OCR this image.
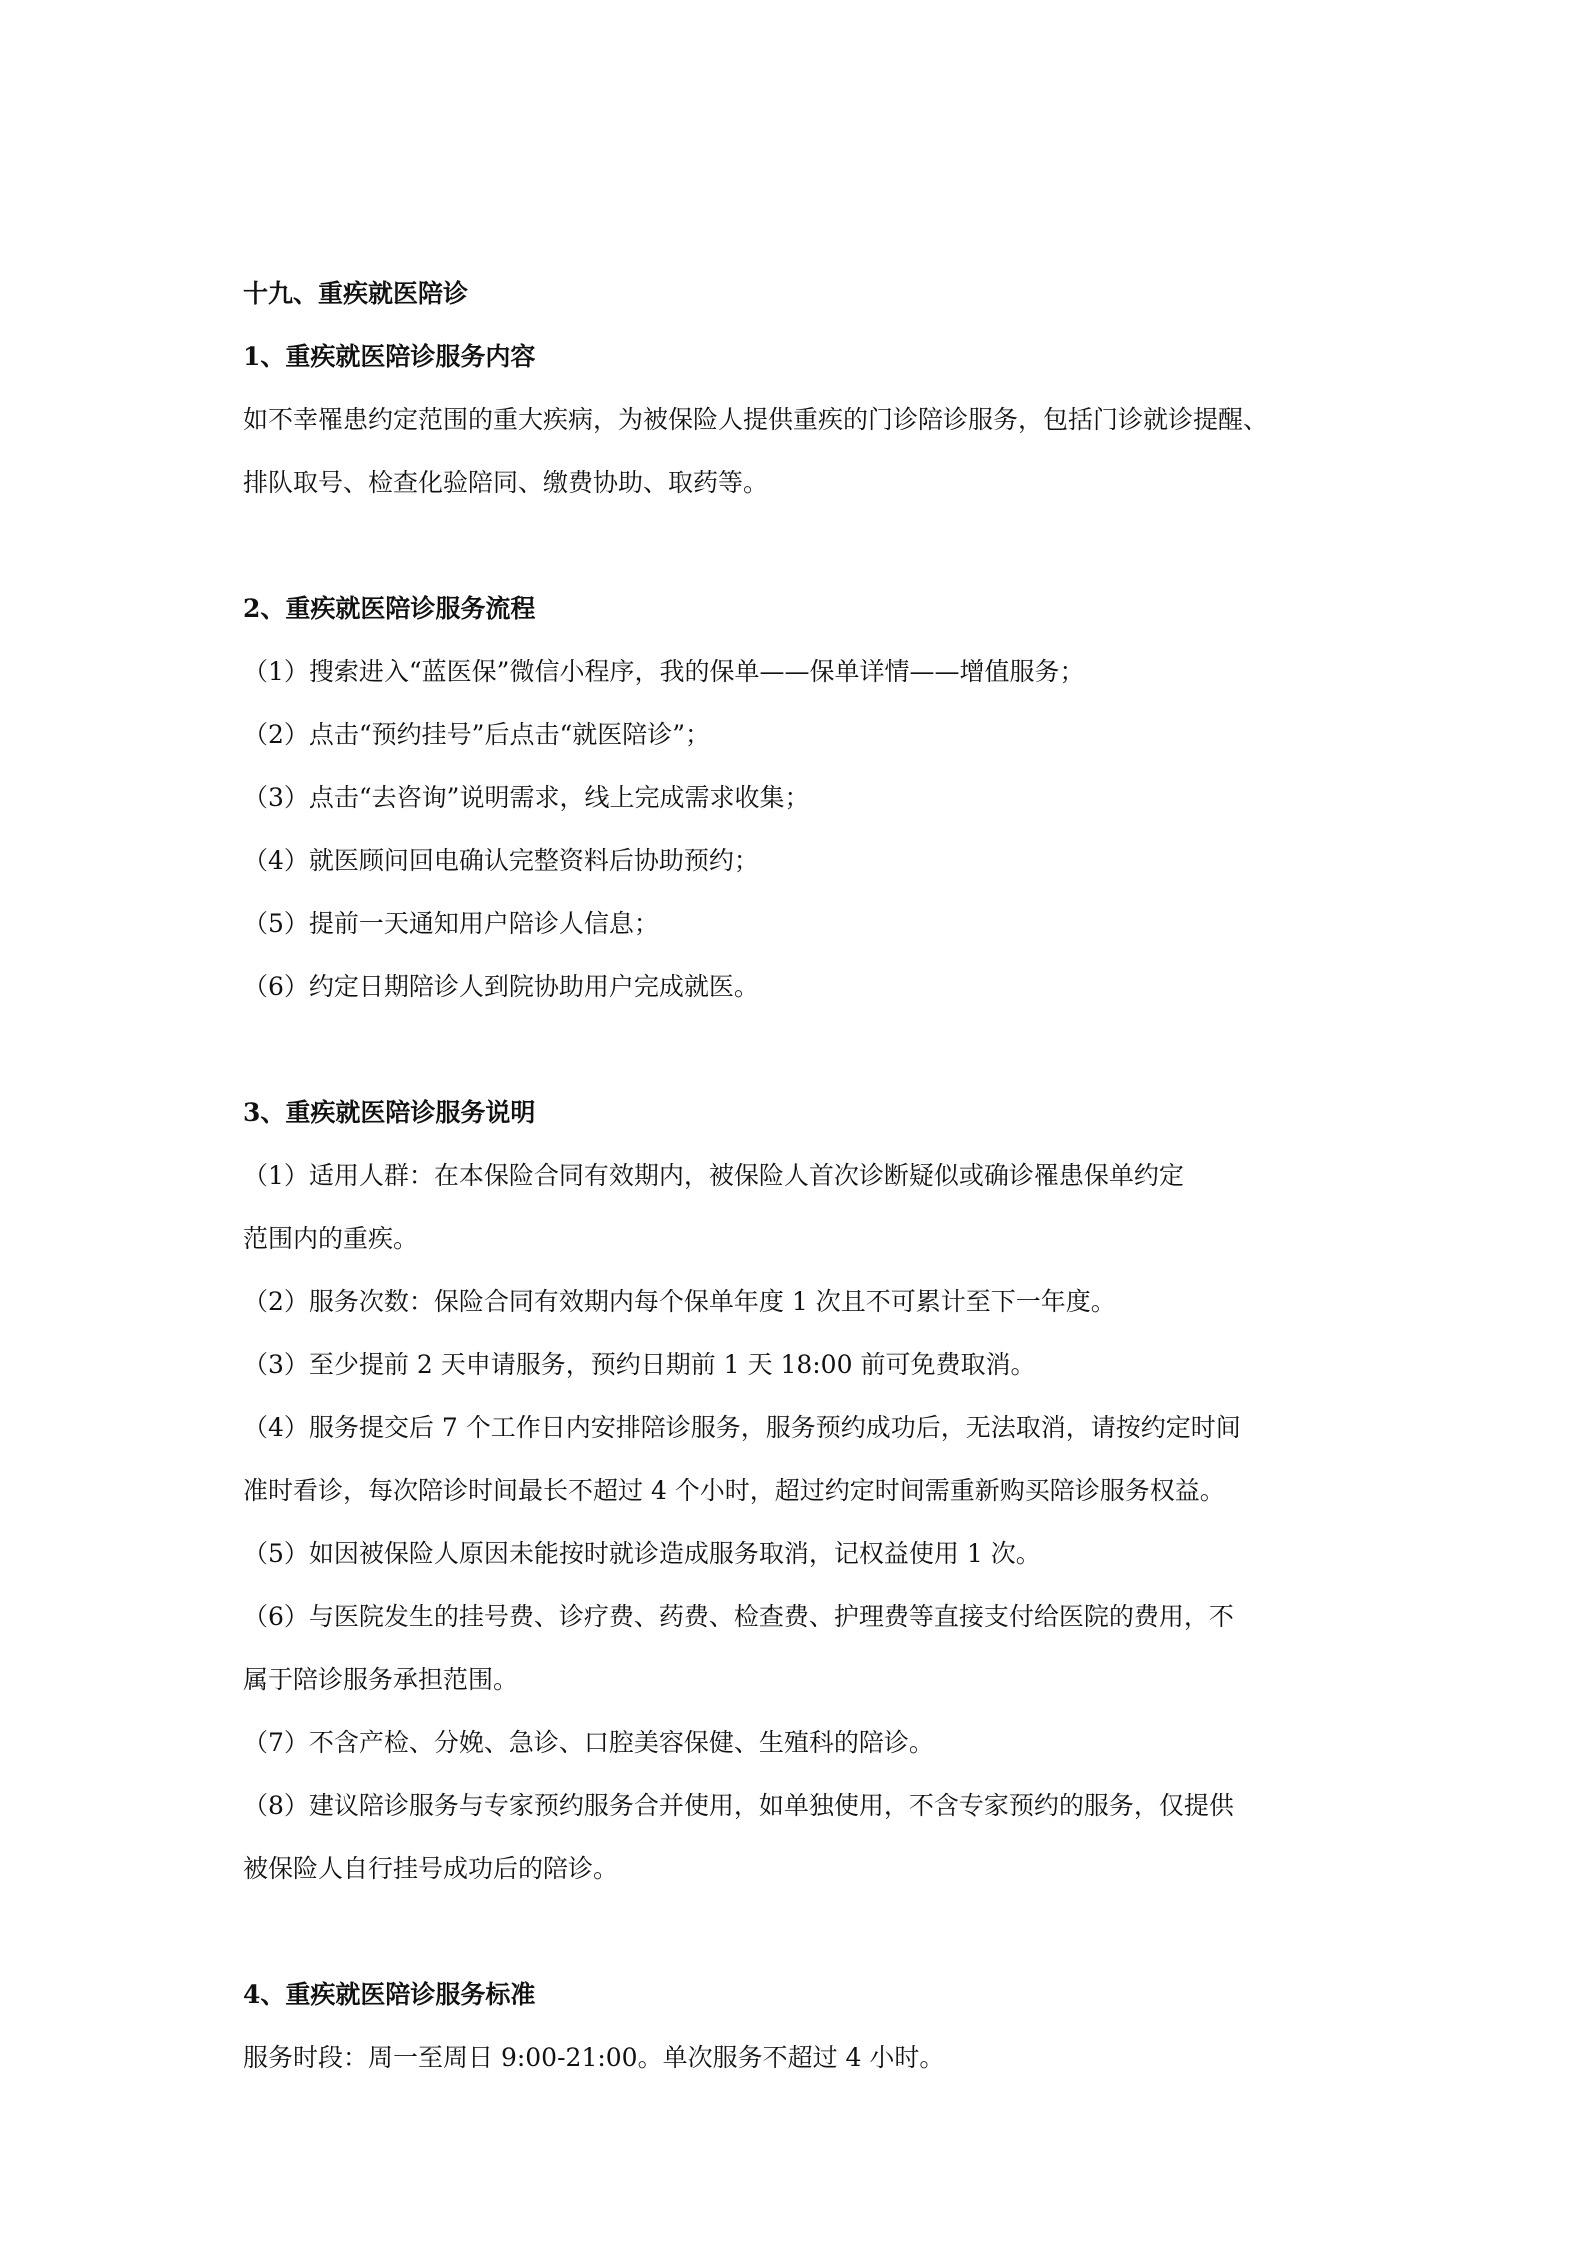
十九、重疾就医陪诊
1、重疾就医陪诊服务内容
如不幸罹患约定范围的重大疾病，为被保险人提供重疾的门诊陪诊服务，包括门诊就诊提醒、
排队取号、检查化验陪同、缴费协助、取药等。
2、重疾就医陪诊服务流程
（1）搜索进入“蓝医保”微信小程序，我的保单——保单详情——增值服务；
（2）点击“预约挂号”后点击“就医陪诊”；
（3）点击“去咨询”说明需求，线上完成需求收集；
（4）就医顾问回电确认完整资料后协助预约；
（5）提前一天通知用户陪诊人信息；
（6）约定日期陪诊人到院协助用户完成就医。
3、重疾就医陪诊服务说明
（1）适用人群：在本保险合同有效期内，被保险人首次诊断疑似或确诊罹患保单约定
范围内的重疾。
（2）服务次数：保险合同有效期内每个保单年度 1 次且不可累计至下一年度。
（3）至少提前 2 天申请服务，预约日期前 1 天 18:00 前可免费取消。
（4）服务提交后 7 个工作日内安排陪诊服务，服务预约成功后，无法取消，请按约定时间
准时看诊，每次陪诊时间最长不超过 4 个小时，超过约定时间需重新购买陪诊服务权益。
（5）如因被保险人原因未能按时就诊造成服务取消，记权益使用 1 次。
（6）与医院发生的挂号费、诊疗费、药费、检查费、护理费等直接支付给医院的费用，不
属于陪诊服务承担范围。
（7）不含产检、分娩、急诊、口腔美容保健、生殖科的陪诊。
（8）建议陪诊服务与专家预约服务合并使用，如单独使用，不含专家预约的服务，仅提供
被保险人自行挂号成功后的陪诊。
4、重疾就医陪诊服务标准
服务时段：周一至周日 9:00-21:00。单次服务不超过 4 小时。
